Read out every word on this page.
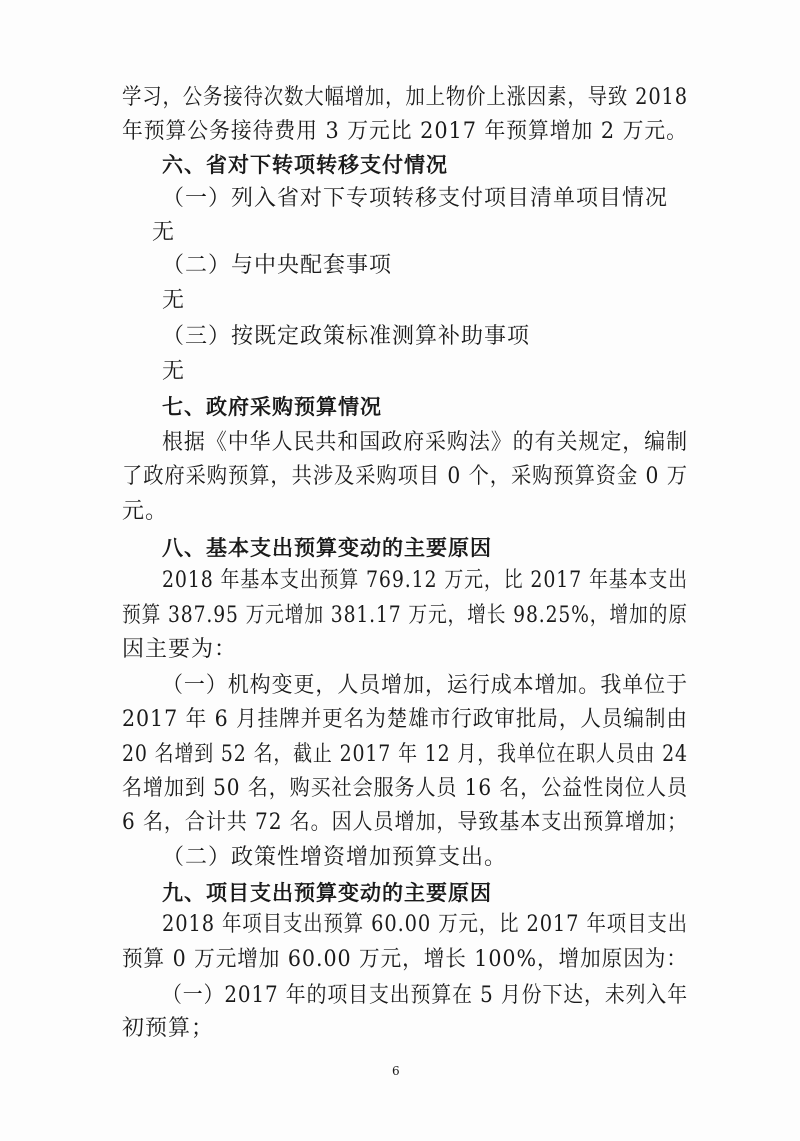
学习，公务接待次数大幅增加，加上物价上涨因素，导致 2018
年预算公务接待费用 3 万元比 2017 年预算增加 2 万元。
六、省对下转项转移支付情况
（一）列入省对下专项转移支付项目清单项目情况
无
（二）与中央配套事项
无
（三）按既定政策标准测算补助事项
无
七、政府采购预算情况
根据《中华人民共和国政府采购法》的有关规定，编制
了政府采购预算，共涉及采购项目 0 个，采购预算资金 0 万
元。
八、基本支出预算变动的主要原因
2018 年基本支出预算 769.12 万元，比 2017 年基本支出
预算 387.95 万元增加 381.17 万元，增长 98.25%，增加的原
因主要为：
（一）机构变更，人员增加，运行成本增加。我单位于
2017 年 6 月挂牌并更名为楚雄市行政审批局，人员编制由
20 名增到 52 名，截止 2017 年 12 月，我单位在职人员由 24
名增加到 50 名，购买社会服务人员 16 名，公益性岗位人员
6 名，合计共 72 名。因人员增加，导致基本支出预算增加；
（二）政策性增资增加预算支出。
九、项目支出预算变动的主要原因
2018 年项目支出预算 60.00 万元，比 2017 年项目支出
预算 0 万元增加 60.00 万元，增长 100%，增加原因为：
（一）2017 年的项目支出预算在 5 月份下达，未列入年
初预算；
6
